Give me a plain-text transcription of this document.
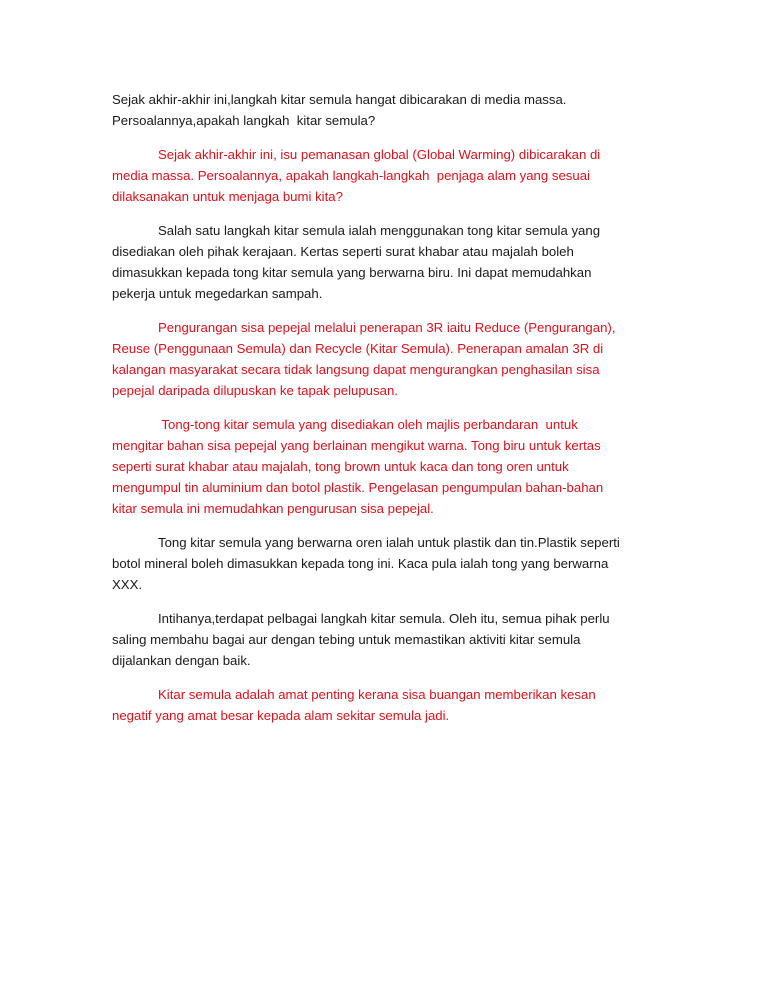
Sejak akhir-akhir ini,langkah kitar semula hangat dibicarakan di media massa.
Persoalannya,apakah langkah  kitar semula?
Sejak akhir-akhir ini, isu pemanasan global (Global Warming) dibicarakan di
media massa. Persoalannya, apakah langkah-langkah  penjaga alam yang sesuai
dilaksanakan untuk menjaga bumi kita?
Salah satu langkah kitar semula ialah menggunakan tong kitar semula yang
disediakan oleh pihak kerajaan. Kertas seperti surat khabar atau majalah boleh
dimasukkan kepada tong kitar semula yang berwarna biru. Ini dapat memudahkan
pekerja untuk megedarkan sampah.
Pengurangan sisa pepejal melalui penerapan 3R iaitu Reduce (Pengurangan),
Reuse (Penggunaan Semula) dan Recycle (Kitar Semula). Penerapan amalan 3R di
kalangan masyarakat secara tidak langsung dapat mengurangkan penghasilan sisa
pepejal daripada dilupuskan ke tapak pelupusan.
Tong-tong kitar semula yang disediakan oleh majlis perbandaran  untuk
mengitar bahan sisa pepejal yang berlainan mengikut warna. Tong biru untuk kertas
seperti surat khabar atau majalah, tong brown untuk kaca dan tong oren untuk
mengumpul tin aluminium dan botol plastik. Pengelasan pengumpulan bahan-bahan
kitar semula ini memudahkan pengurusan sisa pepejal.
Tong kitar semula yang berwarna oren ialah untuk plastik dan tin.Plastik seperti
botol mineral boleh dimasukkan kepada tong ini. Kaca pula ialah tong yang berwarna
XXX.
Intihanya,terdapat pelbagai langkah kitar semula. Oleh itu, semua pihak perlu
saling membahu bagai aur dengan tebing untuk memastikan aktiviti kitar semula
dijalankan dengan baik.
Kitar semula adalah amat penting kerana sisa buangan memberikan kesan
negatif yang amat besar kepada alam sekitar semula jadi.
